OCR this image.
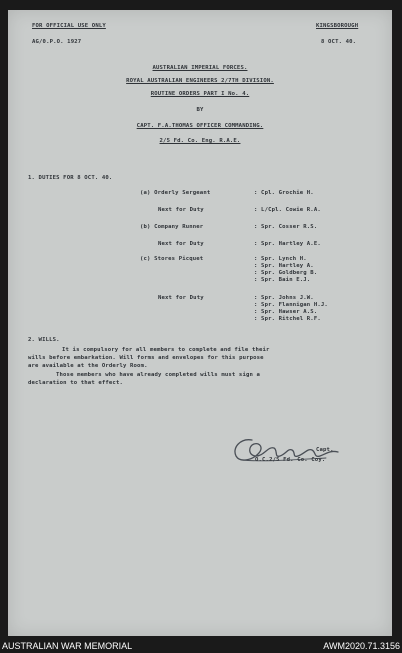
FOR OFFICIAL USE ONLY
AG/0.P.O. 1927
KINGSBOROUGH
8 OCT. 40.
AUSTRALIAN IMPERIAL FORCES.
ROYAL AUSTRALIAN ENGINEERS 2/7TH DIVISION.
ROUTINE ORDERS PART I No. 4.
BY
CAPT. F.A.THOMAS OFFICER COMMANDING.
2/5 Fd. Co. Eng. R.A.E.
1. DUTIES FOR 8 OCT. 40.
(a) Orderly Sergeant	: Cpl. Grochie H.
Next for Duty	: L/Cpl. Cowie R.A.
(b) Company Runner	: Spr. Cosser R.S.
Next for Duty	: Spr. Hartley A.E.
(c) Stores Picquet	: Spr. Lynch H.
: Spr. Hartley A.
: Spr. Goldberg B.
: Spr. Bain E.J.
Next for Duty	: Spr. Johns J.W.
: Spr. Flannigan H.J.
: Spr. Hawser A.S.
: Spr. Ritchel R.F.
2. WILLS.
It is compulsory for all members to complete and file their
wills before embarkation. Will forms and envelopes for this purpose
are available at the Orderly Room.
Those members who have already completed wills must sign a
declaration to that effect.
Capt.
O.C.2/5 Fd. Co. Coy.
AUSTRALIAN WAR MEMORIAL	AWM2020.71.3156
